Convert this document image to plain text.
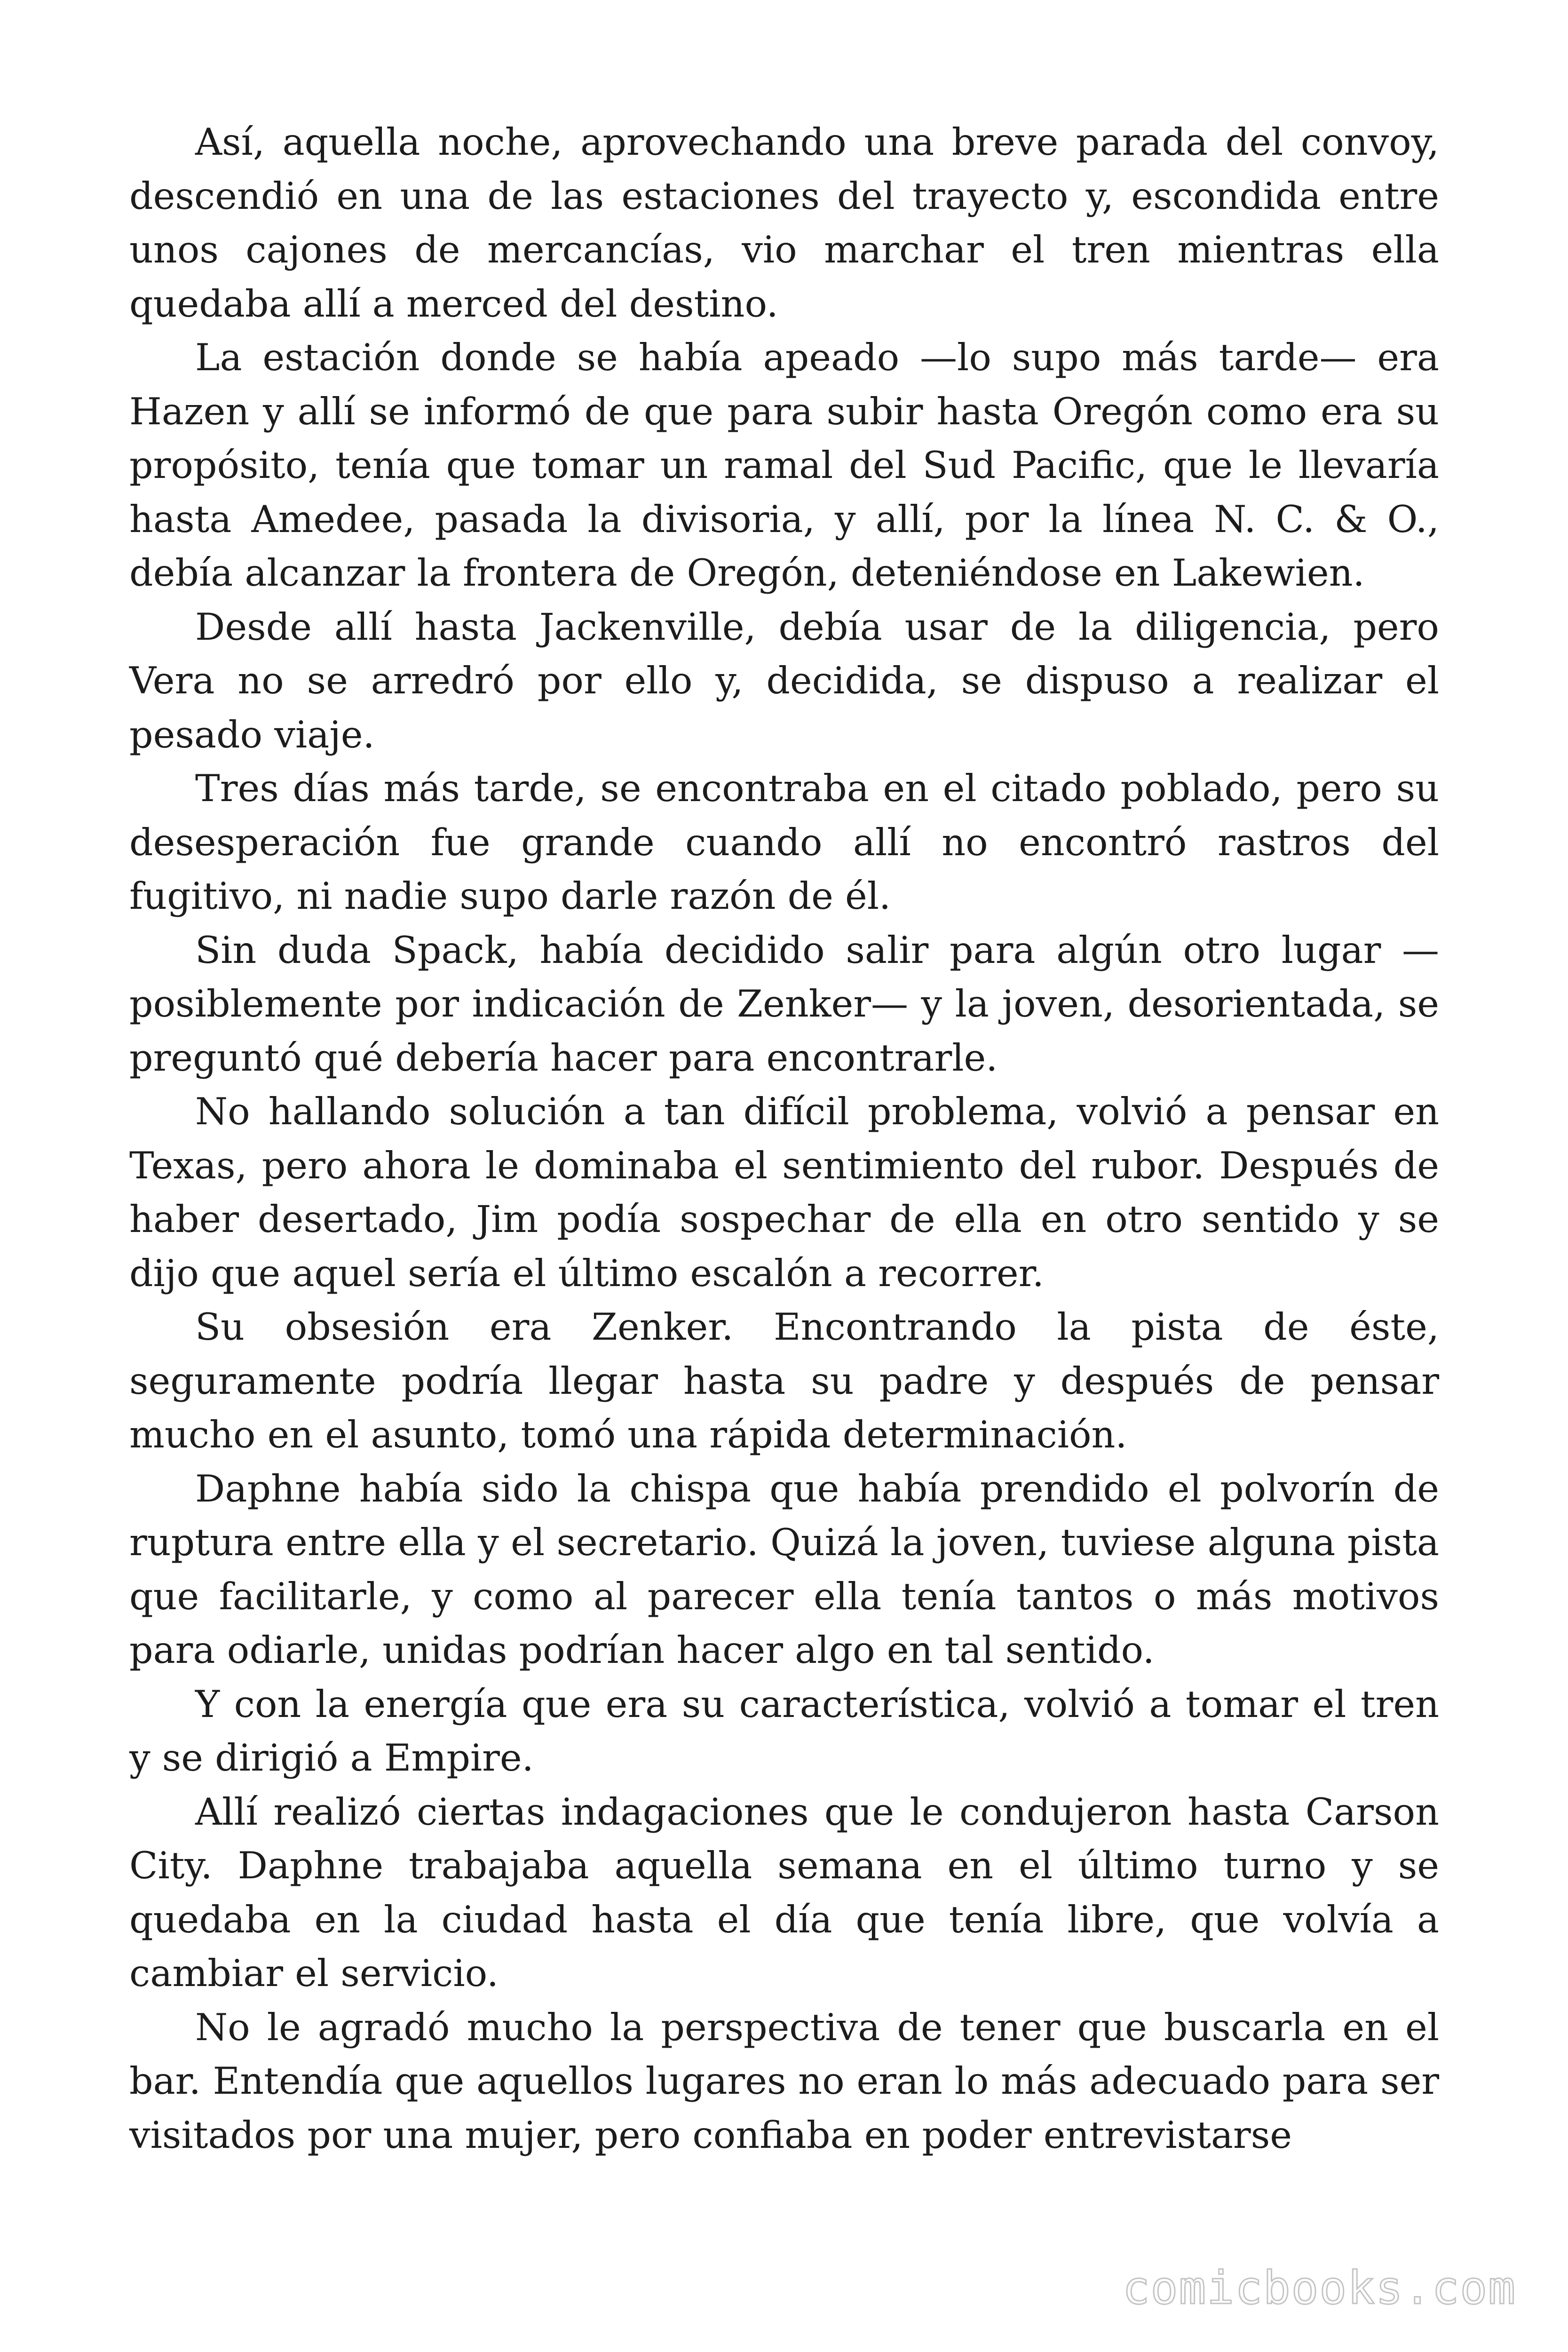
Así, aquella noche, aprovechando una breve parada del convoy, descendió en una de las estaciones del trayecto y, escondida entre unos cajones de mercancías, vio marchar el tren mientras ella quedaba allí a merced del destino.

La estación donde se había apeado —lo supo más tarde— era Hazen y allí se informó de que para subir hasta Oregón como era su propósito, tenía que tomar un ramal del Sud Pacific, que le llevaría hasta Amedee, pasada la divisoria, y allí, por la línea N. C. & O., debía alcanzar la frontera de Oregón, deteniéndose en Lakewien.

Desde allí hasta Jackenville, debía usar de la diligencia, pero Vera no se arredró por ello y, decidida, se dispuso a realizar el pesado viaje.

Tres días más tarde, se encontraba en el citado poblado, pero su desesperación fue grande cuando allí no encontró rastros del fugitivo, ni nadie supo darle razón de él.

Sin duda Spack, había decidido salir para algún otro lugar —posiblemente por indicación de Zenker— y la joven, desorientada, se preguntó qué debería hacer para encontrarle.

No hallando solución a tan difícil problema, volvió a pensar en Texas, pero ahora le dominaba el sentimiento del rubor. Después de haber desertado, Jim podía sospechar de ella en otro sentido y se dijo que aquel sería el último escalón a recorrer.

Su obsesión era Zenker. Encontrando la pista de éste, seguramente podría llegar hasta su padre y después de pensar mucho en el asunto, tomó una rápida determinación.

Daphne había sido la chispa que había prendido el polvorín de ruptura entre ella y el secretario. Quizá la joven, tuviese alguna pista que facilitarle, y como al parecer ella tenía tantos o más motivos para odiarle, unidas podrían hacer algo en tal sentido.

Y con la energía que era su característica, volvió a tomar el tren y se dirigió a Empire.

Allí realizó ciertas indagaciones que le condujeron hasta Carson City. Daphne trabajaba aquella semana en el último turno y se quedaba en la ciudad hasta el día que tenía libre, que volvía a cambiar el servicio.

No le agradó mucho la perspectiva de tener que buscarla en el bar. Entendía que aquellos lugares no eran lo más adecuado para ser visitados por una mujer, pero confiaba en poder entrevistarse

comicbooks.com
